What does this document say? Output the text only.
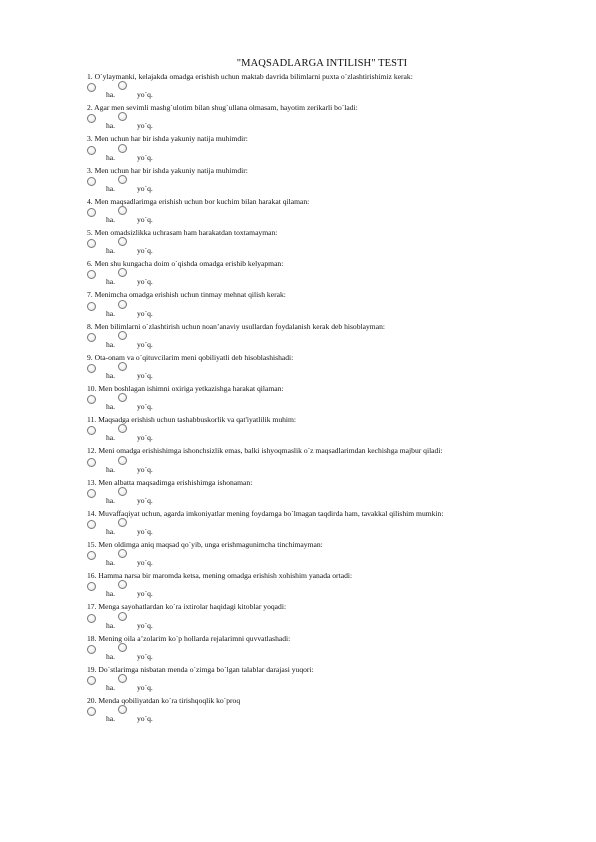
"MAQSADLARGA INTILISH" TESTI
1. O`ylaymanki, kelajakda omadga erishish uchun maktab davrida bilimlarni puxta o`zlashtirishimiz kerak:
ha.	yo`q.
2. Agar men sevimli mashg`ulotim bilan shug`ullana olmasam, hayotim zerikarli bo`ladi:
ha.	yo`q.
3. Men uchun har bir ishda yakuniy natija muhimdir:
ha.	yo`q.
3. Men uchun har bir ishda yakuniy natija muhimdir:
ha.	yo`q.
4. Men maqsadlarimga erishish uchun bor kuchim bilan harakat qilaman:
ha.	yo`q.
5. Men omadsizlikka uchrasam ham harakatdan toxtamayman:
ha.	yo`q.
6. Men shu kungacha doim o`qishda omadga erishib kelyapman:
ha.	yo`q.
7. Menimcha omadga erishish uchun tinmay mehnat qilish kerak:
ha.	yo`q.
8. Men bilimlarni o`zlashtirish uchun noan’anaviy usullardan foydalanish kerak deb hisoblayman:
ha.	yo`q.
9. Ota-onam va o`qituvcilarim meni qobiliyatli deb hisoblashishadi:
ha.	yo`q.
10. Men boshlagan ishimni oxiriga yetkazishga harakat qilaman:
ha.	yo`q.
11. Maqsadga erishish uchun tashabbuskorlik va qat'iyatlilik muhim:
ha.	yo`q.
12. Meni omadga erishishimga ishonchsizlik emas, balki ishyoqmaslik o`z maqsadlarimdan kechishga majbur qiladi:
ha.	yo`q.
13. Men albatta maqsadimga erishishimga ishonaman:
ha.	yo`q.
14. Muvaffaqiyat uchun, agarda imkoniyatlar mening foydamga bo`lmagan taqdirda ham, tavakkal qilishim mumkin:
ha.	yo`q.
15. Men oldimga aniq maqsad qo`yib, unga erishmagunimcha tinchimayman:
ha.	yo`q.
16. Hamma narsa bir maromda ketsa, mening omadga erishish xohishim yanada ortadi:
ha.	yo`q.
17. Menga sayohatlardan ko`ra ixtirolar haqidagi kitoblar yoqadi:
ha.	yo`q.
18. Mening oila a’zolarim ko`p hollarda rejalarimni quvvatlashadi:
ha.	yo`q.
19. Do`stlarimga nisbatan menda o`zimga bo`lgan talablar darajasi yuqori:
ha.	yo`q.
20. Menda qobiliyatdan ko`ra tirishqoqlik ko`proq
ha.	yo`q.
